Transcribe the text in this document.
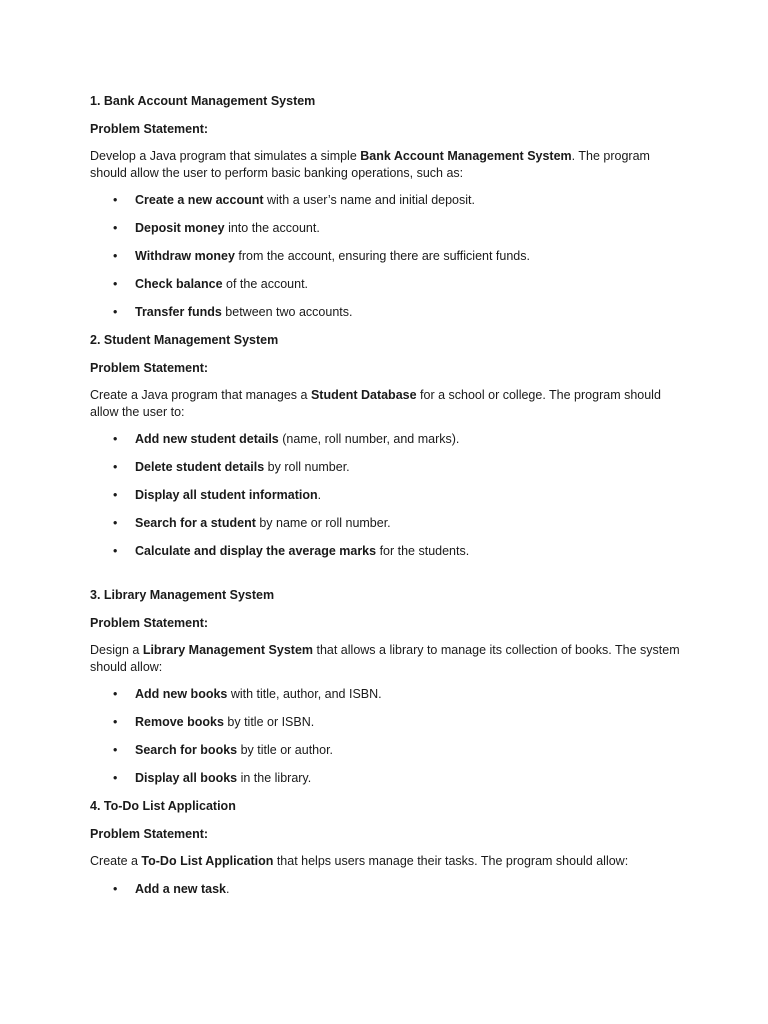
1. Bank Account Management System

Problem Statement:

Develop a Java program that simulates a simple Bank Account Management System. The program should allow the user to perform basic banking operations, such as:

• Create a new account with a user’s name and initial deposit.
• Deposit money into the account.
• Withdraw money from the account, ensuring there are sufficient funds.
• Check balance of the account.
• Transfer funds between two accounts.

2. Student Management System

Problem Statement:

Create a Java program that manages a Student Database for a school or college. The program should allow the user to:

• Add new student details (name, roll number, and marks).
• Delete student details by roll number.
• Display all student information.
• Search for a student by name or roll number.
• Calculate and display the average marks for the students.

3. Library Management System

Problem Statement:

Design a Library Management System that allows a library to manage its collection of books. The system should allow:

• Add new books with title, author, and ISBN.
• Remove books by title or ISBN.
• Search for books by title or author.
• Display all books in the library.

4. To-Do List Application

Problem Statement:

Create a To-Do List Application that helps users manage their tasks. The program should allow:

• Add a new task.
